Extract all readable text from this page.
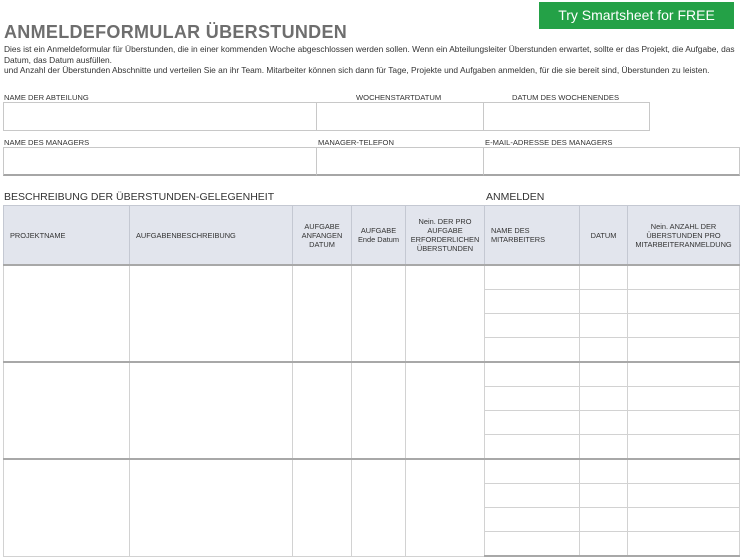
Try Smartsheet for FREE
ANMELDEFORMULAR ÜBERSTUNDEN

Dies ist ein Anmeldeformular für Überstunden, die in einer kommenden Woche abgeschlossen werden sollen. Wenn ein Abteilungsleiter Überstunden erwartet, sollte er das Projekt, die Aufgabe, das Datum, das Datum ausfüllen.

und Anzahl der Überstunden Abschnitte und verteilen Sie an ihr Team. Mitarbeiter können sich dann für Tage, Projekte und Aufgaben anmelden, für die sie bereit sind, Überstunden zu leisten.

NAME DER ABTEILUNG	WOCHENSTARTDATUM	DATUM DES WOCHENENDES
NAME DES MANAGERS	MANAGER-TELEFON	E-MAIL-ADRESSE DES MANAGERS
BESCHREIBUNG DER ÜBERSTUNDEN-GELEGENHEIT	ANMELDEN
PROJEKTNAME	AUFGABENBESCHREIBUNG	AUFGABE ANFANGEN DATUM	AUFGABE Ende Datum	Nein. DER PRO AUFGABE ERFORDERLICHEN ÜBERSTUNDEN	NAME DES MITARBEITERS	DATUM	Nein. ANZAHL DER ÜBERSTUNDEN PRO MITARBEITERANMELDUNG
